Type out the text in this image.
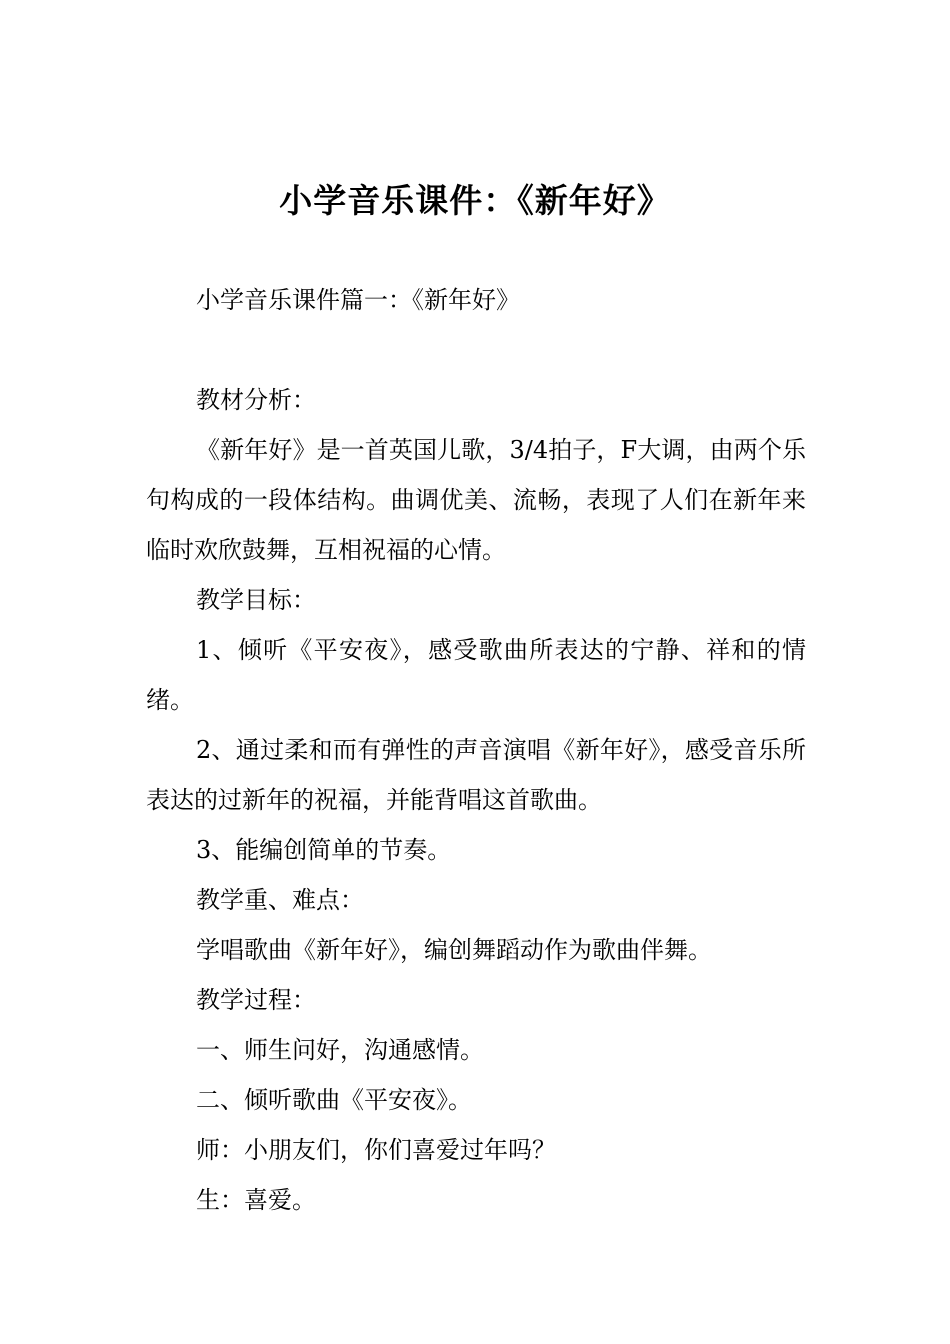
小学音乐课件：《新年好》

小学音乐课件篇一：《新年好》

教材分析：

《新年好》是一首英国儿歌，3/4拍子，F大调，由两个乐句构成的一段体结构。曲调优美、流畅，表现了人们在新年来临时欢欣鼓舞，互相祝福的心情。

教学目标：

1、倾听《平安夜》，感受歌曲所表达的宁静、祥和的情绪。

2、通过柔和而有弹性的声音演唱《新年好》，感受音乐所表达的过新年的祝福，并能背唱这首歌曲。

3、能编创简单的节奏。

教学重、难点：

学唱歌曲《新年好》，编创舞蹈动作为歌曲伴舞。

教学过程：

一、师生问好，沟通感情。

二、倾听歌曲《平安夜》。

师：小朋友们，你们喜爱过年吗？

生：喜爱。
